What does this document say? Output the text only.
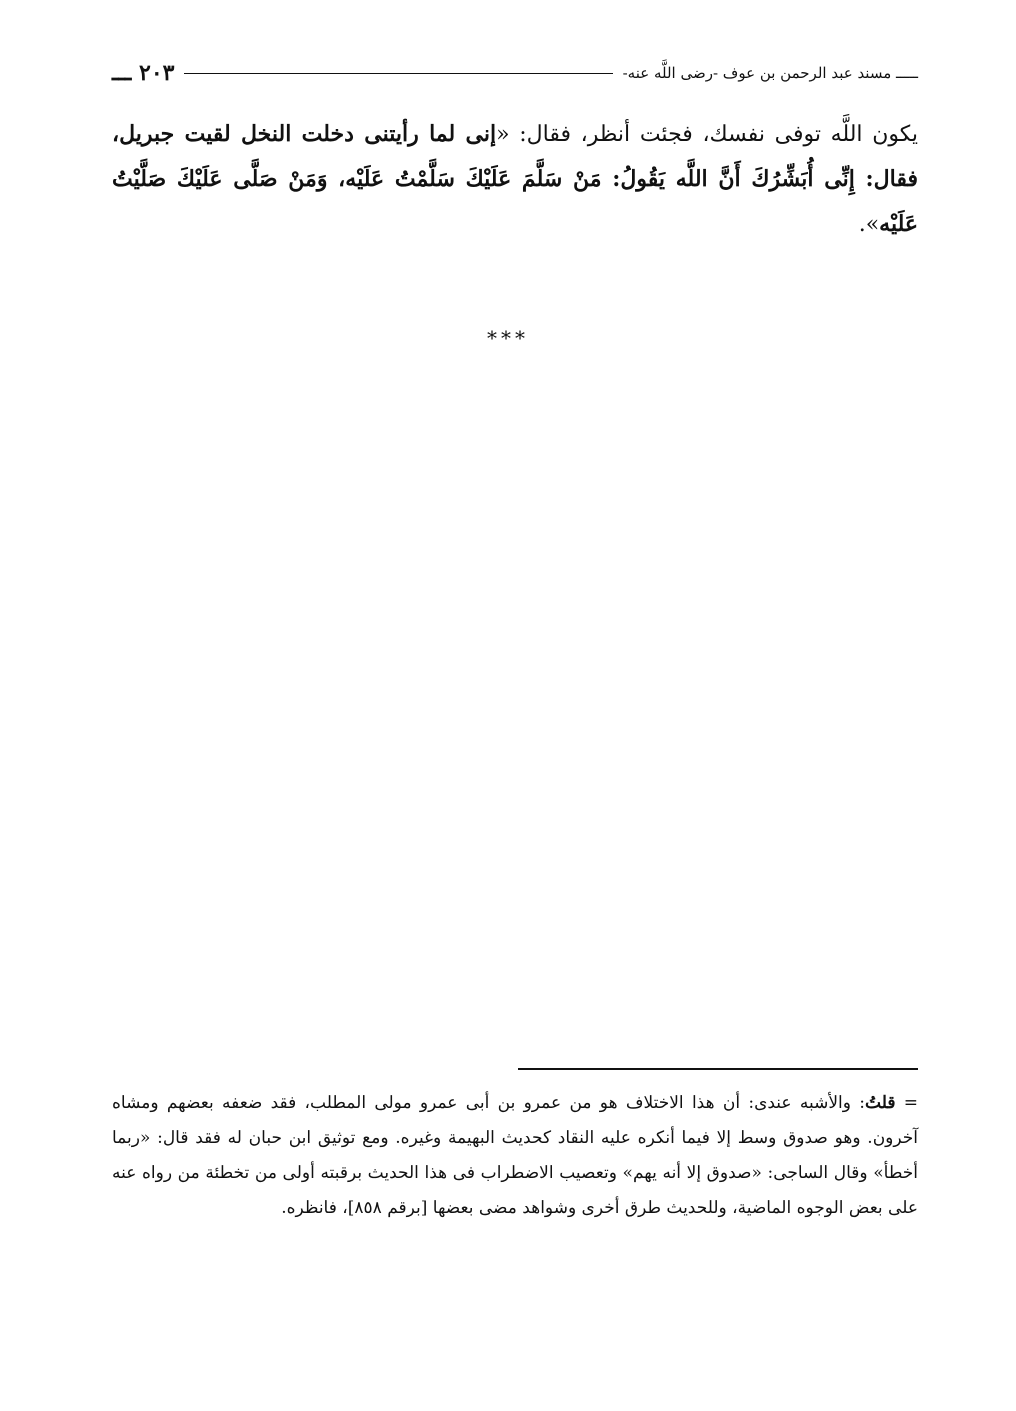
ـــــ مسند عبد الرحمن بن عوف -رضى اللَّه عنه-
٢٠٣ ـــ
يكون اللَّه توفى نفسك، فجئت أنظر، فقال: «إنى لما رأيتنى دخلت النخل لقيت جبريل، فقال: إِنِّى أُبَشِّرُكَ أَنَّ اللَّه يَقُولُ: مَنْ سَلَّمَ عَلَيْكَ سَلَّمْتُ عَلَيْه، وَمَنْ صَلَّى عَلَيْكَ صَلَّيْتُ عَلَيْه».
***
= قلتُ: والأشبه عندى: أن هذا الاختلاف هو من عمرو بن أبى عمرو مولى المطلب، فقد ضعفه بعضهم ومشاه آخرون. وهو صدوق وسط إلا فيما أنكره عليه النقاد كحديث البهيمة وغيره. ومع توثيق ابن حبان له فقد قال: «ربما أخطأ» وقال الساجى: «صدوق إلا أنه يهم» وتعصيب الاضطراب فى هذا الحديث برقبته أولى من تخطئة من رواه عنه على بعض الوجوه الماضية، وللحديث طرق أخرى وشواهد مضى بعضها [برقم ٨٥٨]، فانظره.
